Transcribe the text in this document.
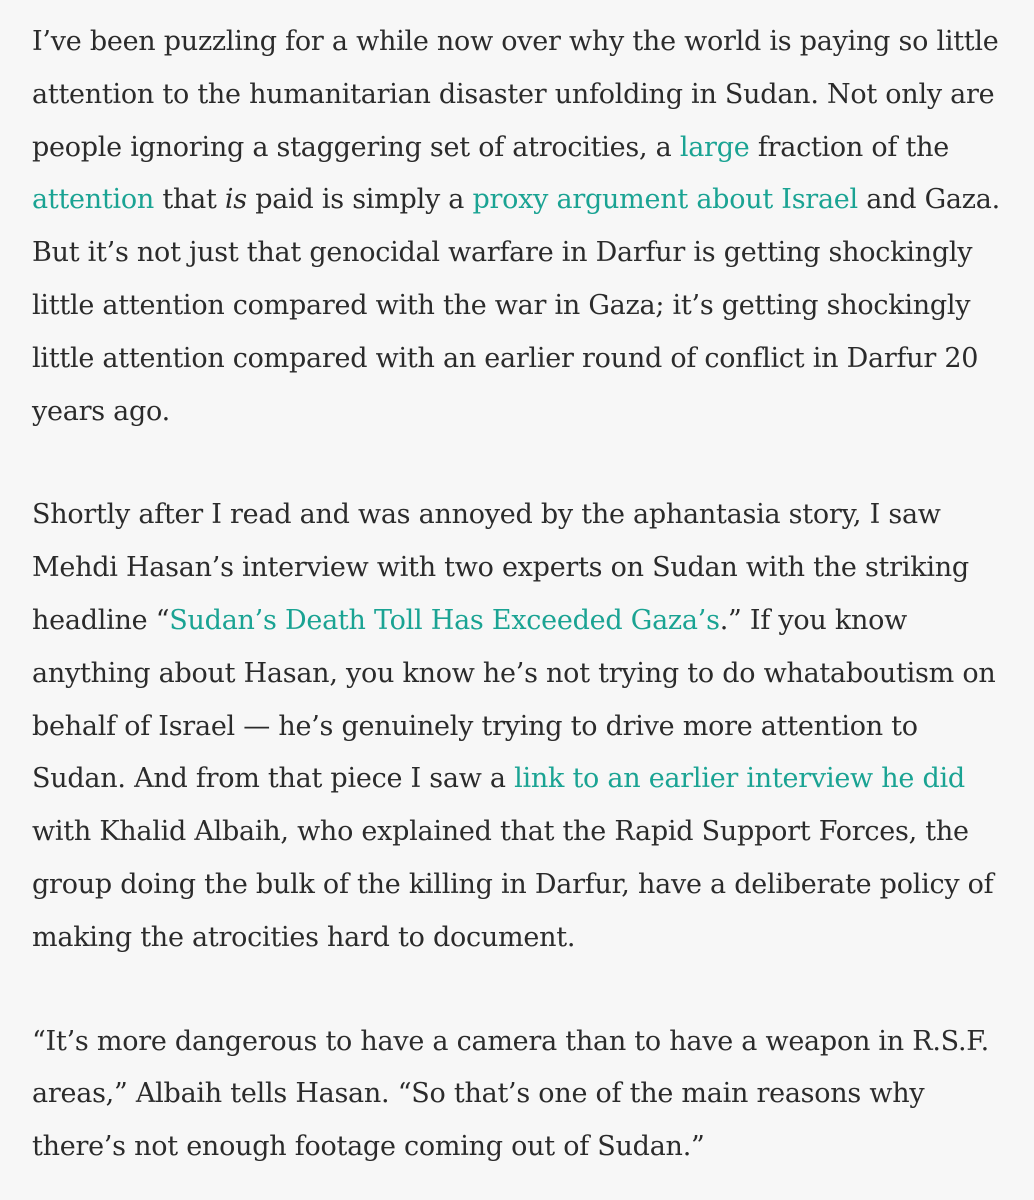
I’ve been puzzling for a while now over why the world is paying so little attention to the humanitarian disaster unfolding in Sudan. Not only are people ignoring a staggering set of atrocities, a large fraction of the attention that is paid is simply a proxy argument about Israel and Gaza. But it’s not just that genocidal warfare in Darfur is getting shockingly little attention compared with the war in Gaza; it’s getting shockingly little attention compared with an earlier round of conflict in Darfur 20 years ago.

Shortly after I read and was annoyed by the aphantasia story, I saw Mehdi Hasan’s interview with two experts on Sudan with the striking headline “Sudan’s Death Toll Has Exceeded Gaza’s.” If you know anything about Hasan, you know he’s not trying to do whataboutism on behalf of Israel — he’s genuinely trying to drive more attention to Sudan. And from that piece I saw a link to an earlier interview he did with Khalid Albaih, who explained that the Rapid Support Forces, the group doing the bulk of the killing in Darfur, have a deliberate policy of making the atrocities hard to document.

“It’s more dangerous to have a camera than to have a weapon in R.S.F. areas,” Albaih tells Hasan. “So that’s one of the main reasons why there’s not enough footage coming out of Sudan.”
